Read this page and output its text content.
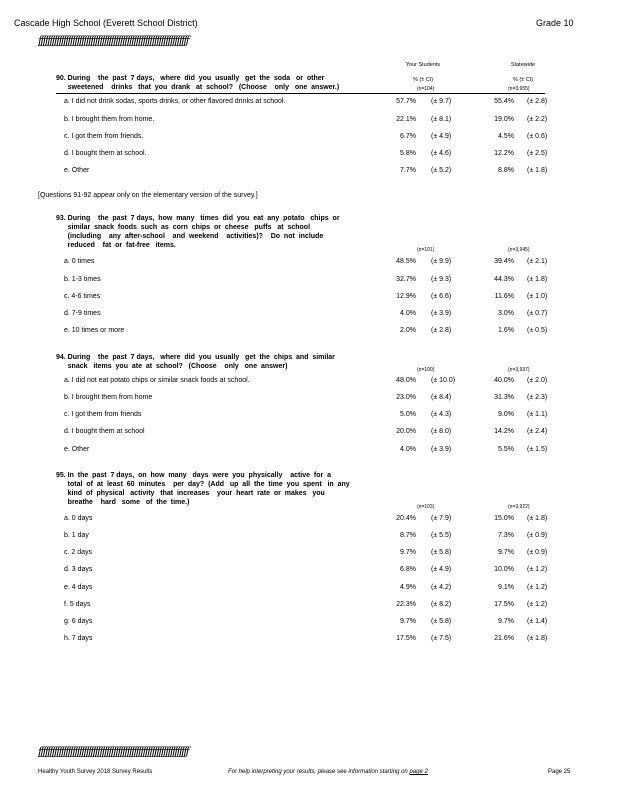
Cascade High School (Everett School District)	Grade 10
ƒƒƒƒƒƒƒƒƒƒƒƒƒƒƒƒƒƒƒƒƒƒƒƒƒƒƒƒƒƒƒƒƒƒƒƒƒƒƒƒƒƒƒƒƒƒƒƒƒƒƒƒƒƒƒƒƒƒƒƒƒƒƒƒƒƒ
Your Students	Statewide
% (± CI)	% (± CI)
90. During    the  past  7 days,   where  did  you  usually   get  the  soda   or  other
sweetened    drinks   that  you  drank   at  school?   (Choose    only   one  answer.)	(n=104)	(n=3,955)
a. I did not drink sodas, sports drinks, or other flavored drinks at school.	57.7% (± 9.7)	55.4% (± 2.8)
b. I brought them from home.	22.1% (± 8.1)	19.0% (± 2.2)
c. I got them from friends.	6.7% (± 4.9)	4.5% (± 0.6)
d. I bought them at school.	5.8% (± 4.6)	12.2% (± 2.5)
e. Other	7.7% (± 5.2)	8.8% (± 1.8)
[Questions 91-92 appear only on the elementary version of the survey.]
93. During    the  past  7 days,  how  many   times  did  you  eat  any  potato   chips  or
similar  snack  foods  such  as  corn  chips  or  cheese   puffs   at  school
(including    any  after-school    and  weekend    activities)?    Do  not  include
reduced    fat  or  fat-free   items.
(n=101)	(n=3,945)
a. 0 times	48.5% (± 9.9)	39.4% (± 2.1)
b. 1-3 times	32.7% (± 9.3)	44.3% (± 1.8)
c. 4-6 times	12.9% (± 6.6)	11.6% (± 1.0)
d. 7-9 times	4.0% (± 3.9)	3.0% (± 0.7)
e. 10 times or more	2.0% (± 2.8)	1.6% (± 0.5)
94. During    the  past  7 days,   where  did  you  usually   get  the  chips  and  similar
snack   items  you  ate  at  school?   (Choose    only   one  answer)	(n=100)	(n=3,937)
a. I did not eat potato chips or similar snack foods at school.	48.0% (± 10.0)	40.0% (± 2.0)
b. I brought them from home	23.0% (± 8.4)	31.3% (± 2.3)
c. I got them from friends	5.0% (± 4.3)	9.0% (± 1.1)
d. I bought them at school	20.0% (± 8.0)	14.2% (± 2.4)
e. Other	4.0% (± 3.9)	5.5% (± 1.5)
95. In  the  past  7 days,  on  how  many   days  were  you  physically    active  for  a
total  of  at  least  60  minutes    per  day?  (Add   up  all  the  time  you  spent   in  any
kind  of  physical   activity   that  increases    your  heart  rate  or  makes   you
breathe    hard   some   of  the  time.)
(n=103)	(n=3,922)
a. 0 days	20.4% (± 7.9)	15.0% (± 1.8)
b. 1 day	8.7% (± 5.5)	7.3% (± 0.9)
c. 2 days	9.7% (± 5.8)	9.7% (± 0.9)
d. 3 days	6.8% (± 4.9)	10.0% (± 1.2)
e. 4 days	4.9% (± 4.2)	9.1% (± 1.2)
f. 5 days	22.3% (± 8.2)	17.5% (± 1.2)
g. 6 days	9.7% (± 5.8)	9.7% (± 1.4)
h. 7 days	17.5% (± 7.5)	21.6% (± 1.8)
ƒƒƒƒƒƒƒƒƒƒƒƒƒƒƒƒƒƒƒƒƒƒƒƒƒƒƒƒƒƒƒƒƒƒƒƒƒƒƒƒƒƒƒƒƒƒƒƒƒƒƒƒƒƒƒƒƒƒƒƒƒƒƒƒƒƒ
Healthy Youth Survey 2018 Survey Results	For help interpreting your results, please see information starting on page 2	Page 25
